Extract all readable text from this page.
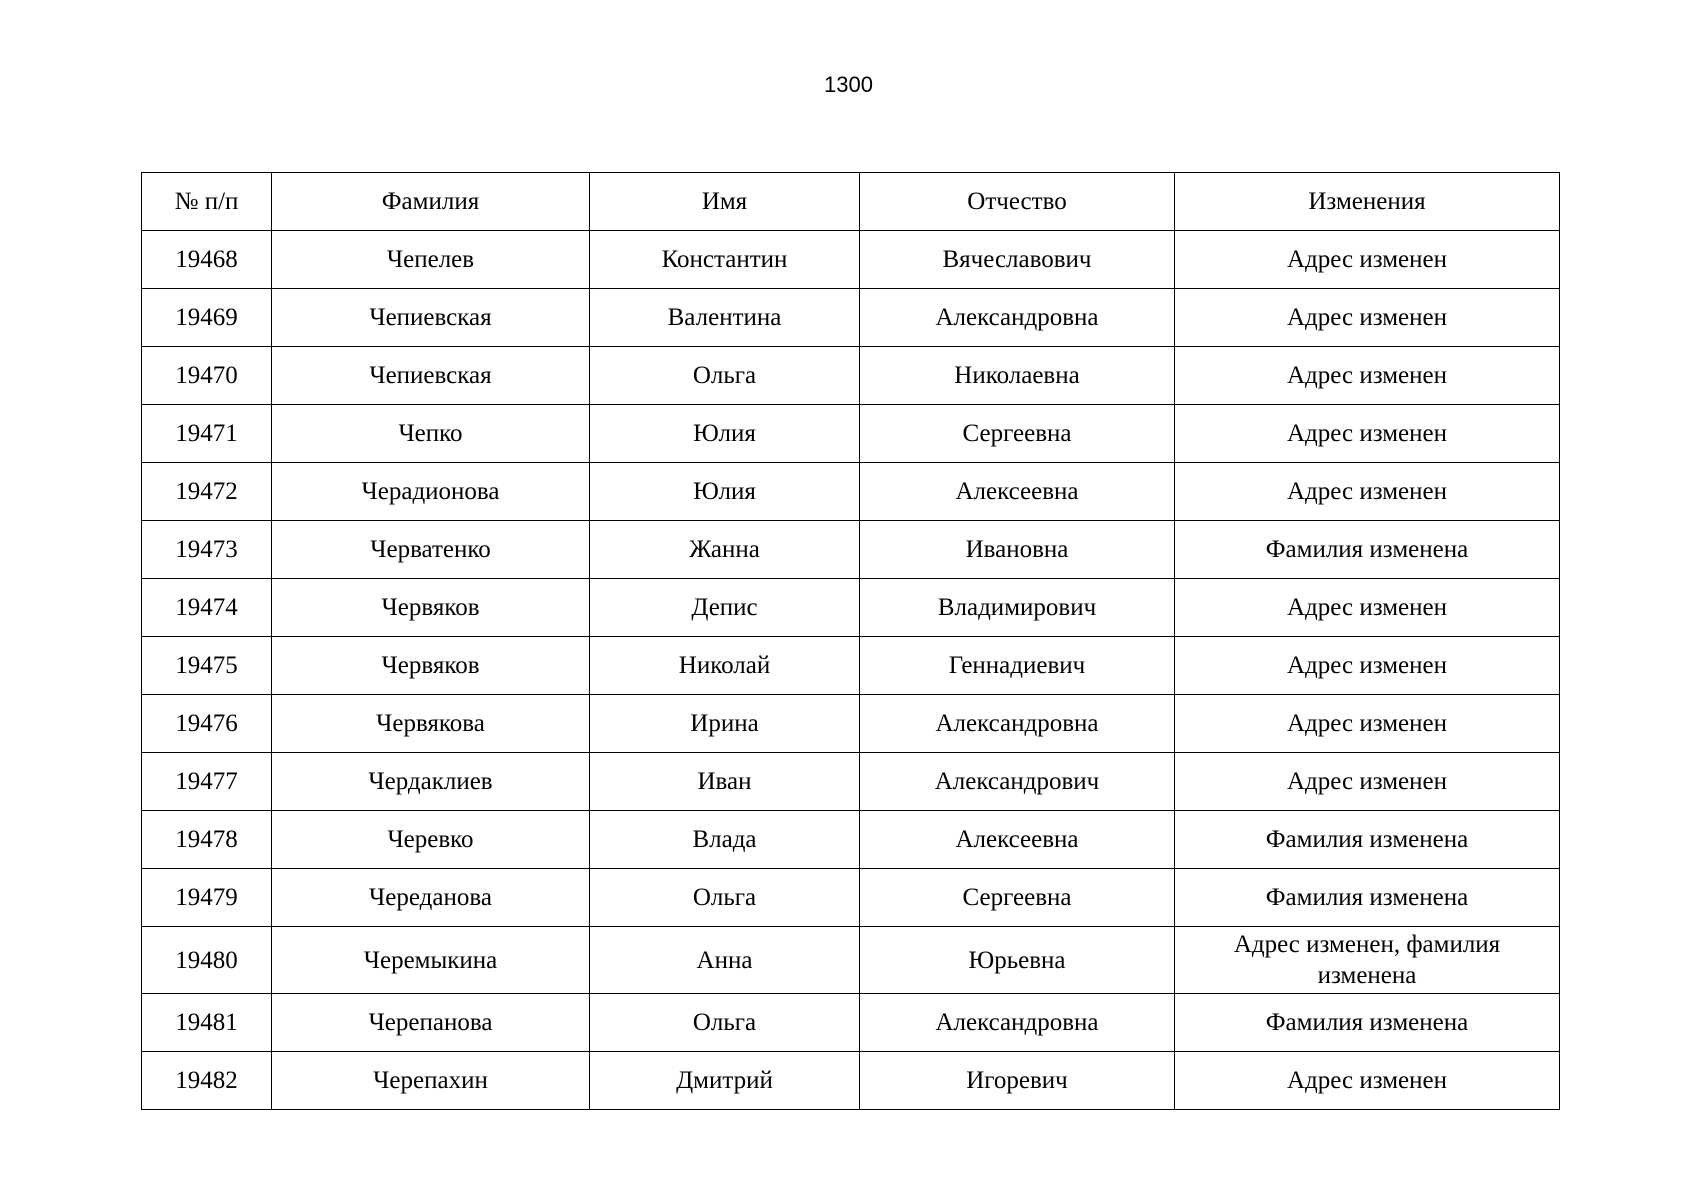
1300
№ п/п	Фамилия	Имя	Отчество	Изменения
19468	Чепелев	Константин	Вячеславович	Адрес изменен
19469	Чепиевская	Валентина	Александровна	Адрес изменен
19470	Чепиевская	Ольга	Николаевна	Адрес изменен
19471	Чепко	Юлия	Сергеевна	Адрес изменен
19472	Черадионова	Юлия	Алексеевна	Адрес изменен
19473	Черватенко	Жанна	Ивановна	Фамилия изменена
19474	Червяков	Депис	Владимирович	Адрес изменен
19475	Червяков	Николай	Геннадиевич	Адрес изменен
19476	Червякова	Ирина	Александровна	Адрес изменен
19477	Чердаклиев	Иван	Александрович	Адрес изменен
19478	Черевко	Влада	Алексеевна	Фамилия изменена
19479	Череданова	Ольга	Сергеевна	Фамилия изменена
19480	Черемыкина	Анна	Юрьевна	Адрес изменен, фамилия изменена
19481	Черепанова	Ольга	Александровна	Фамилия изменена
19482	Черепахин	Дмитрий	Игоревич	Адрес изменен
